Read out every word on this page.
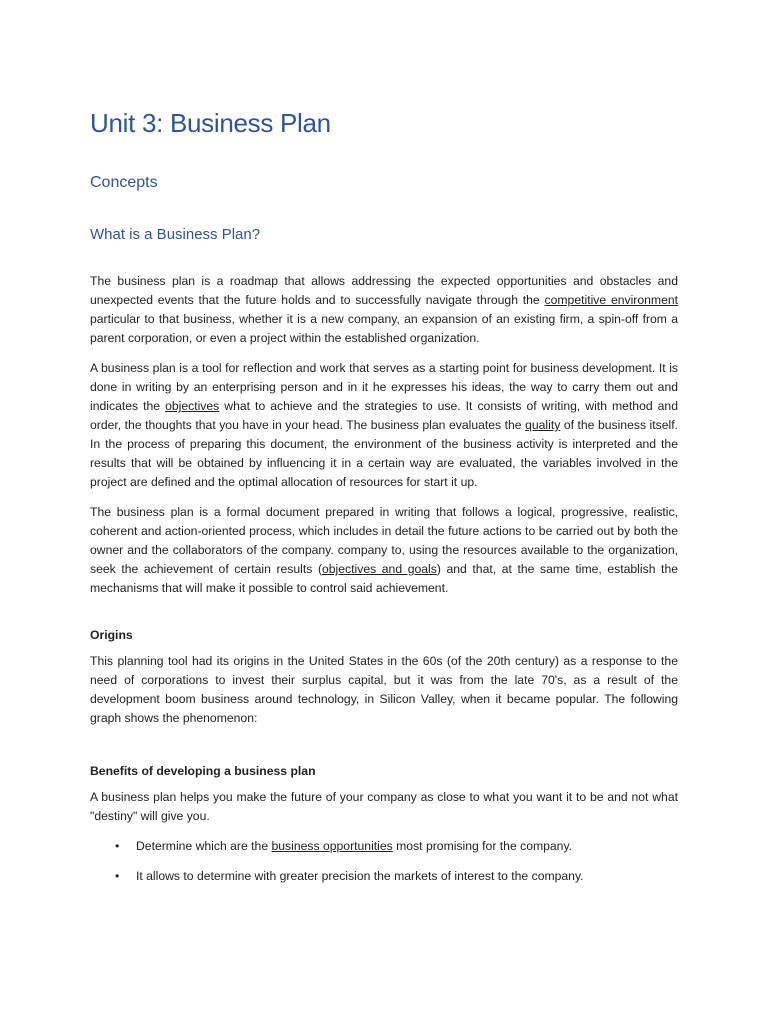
Unit 3: Business Plan
Concepts
What is a Business Plan?

The business plan is a roadmap that allows addressing the expected opportunities and obstacles and unexpected events that the future holds and to successfully navigate through the competitive environment particular to that business, whether it is a new company, an expansion of an existing firm, a spin-off from a parent corporation, or even a project within the established organization.

A business plan is a tool for reflection and work that serves as a starting point for business development. It is done in writing by an enterprising person and in it he expresses his ideas, the way to carry them out and indicates the objectives what to achieve and the strategies to use. It consists of writing, with method and order, the thoughts that you have in your head. The business plan evaluates the quality of the business itself. In the process of preparing this document, the environment of the business activity is interpreted and the results that will be obtained by influencing it in a certain way are evaluated, the variables involved in the project are defined and the optimal allocation of resources for start it up.

The business plan is a formal document prepared in writing that follows a logical, progressive, realistic, coherent and action-oriented process, which includes in detail the future actions to be carried out by both the owner and the collaborators of the company. company to, using the resources available to the organization, seek the achievement of certain results (objectives and goals) and that, at the same time, establish the mechanisms that will make it possible to control said achievement.

Origins

This planning tool had its origins in the United States in the 60s (of the 20th century) as a response to the need of corporations to invest their surplus capital, but it was from the late 70's, as a result of the development boom business around technology, in Silicon Valley, when it became popular. The following graph shows the phenomenon:

Benefits of developing a business plan

A business plan helps you make the future of your company as close to what you want it to be and not what "destiny" will give you.

• Determine which are the business opportunities most promising for the company.
• It allows to determine with greater precision the markets of interest to the company.
